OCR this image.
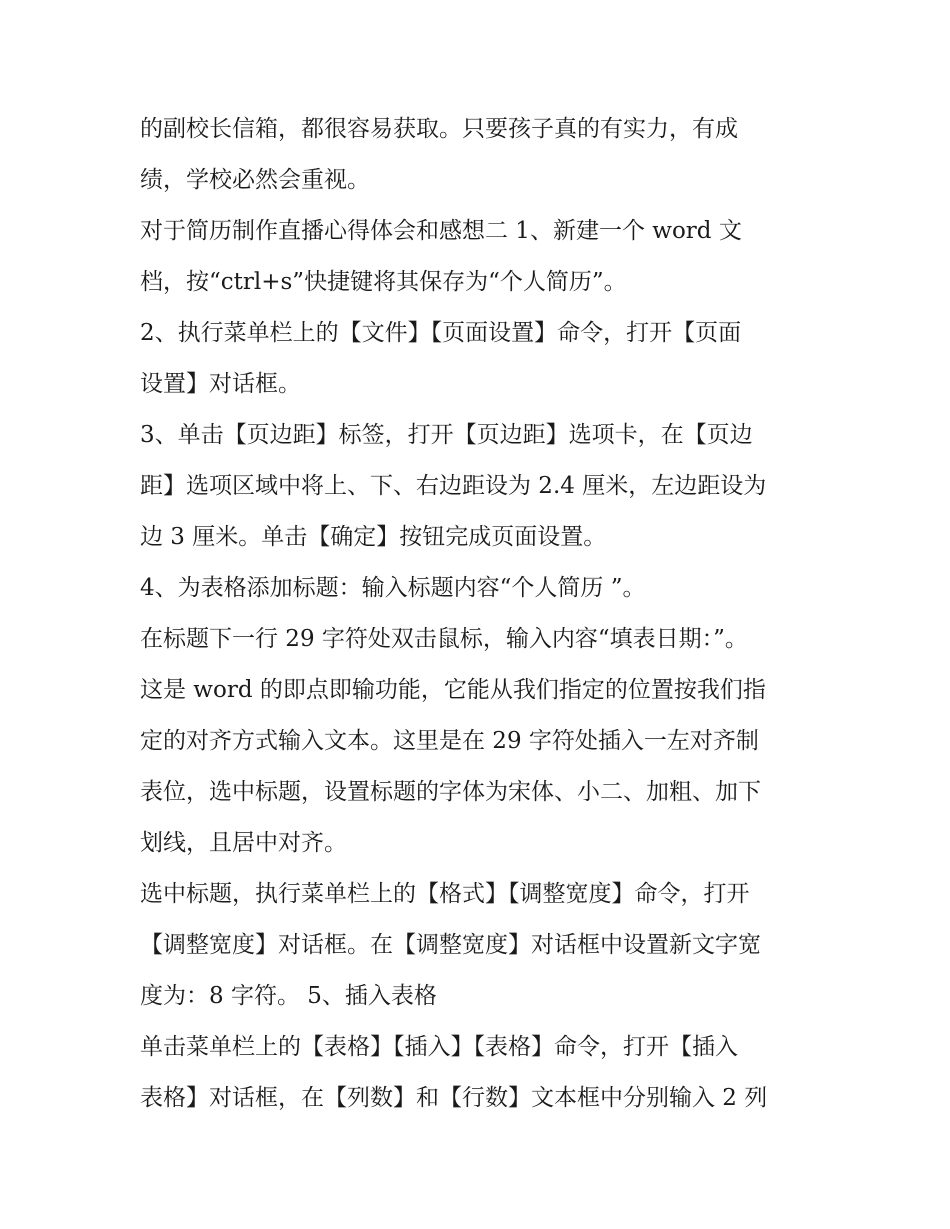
的副校长信箱，都很容易获取。只要孩子真的有实力，有成
绩，学校必然会重视。
对于简历制作直播心得体会和感想二 1、新建一个 word 文
档，按“ctrl+s”快捷键将其保存为“个人简历”。
2、执行菜单栏上的【文件】【页面设置】命令，打开【页面
设置】对话框。
3、单击【页边距】标签，打开【页边距】选项卡，在【页边
距】选项区域中将上、下、右边距设为 2.4 厘米，左边距设为
边 3 厘米。单击【确定】按钮完成页面设置。
4、为表格添加标题：输入标题内容“个人简历 ”。
在标题下一行 29 字符处双击鼠标，输入内容“填表日期：”。
这是 word 的即点即输功能，它能从我们指定的位置按我们指
定的对齐方式输入文本。这里是在 29 字符处插入一左对齐制
表位，选中标题，设置标题的字体为宋体、小二、加粗、加下
划线，且居中对齐。
选中标题，执行菜单栏上的【格式】【调整宽度】命令，打开
【调整宽度】对话框。在【调整宽度】对话框中设置新文字宽
度为：8 字符。 5、插入表格
单击菜单栏上的【表格】【插入】【表格】命令，打开【插入
表格】对话框，在【列数】和【行数】文本框中分别输入 2 列
